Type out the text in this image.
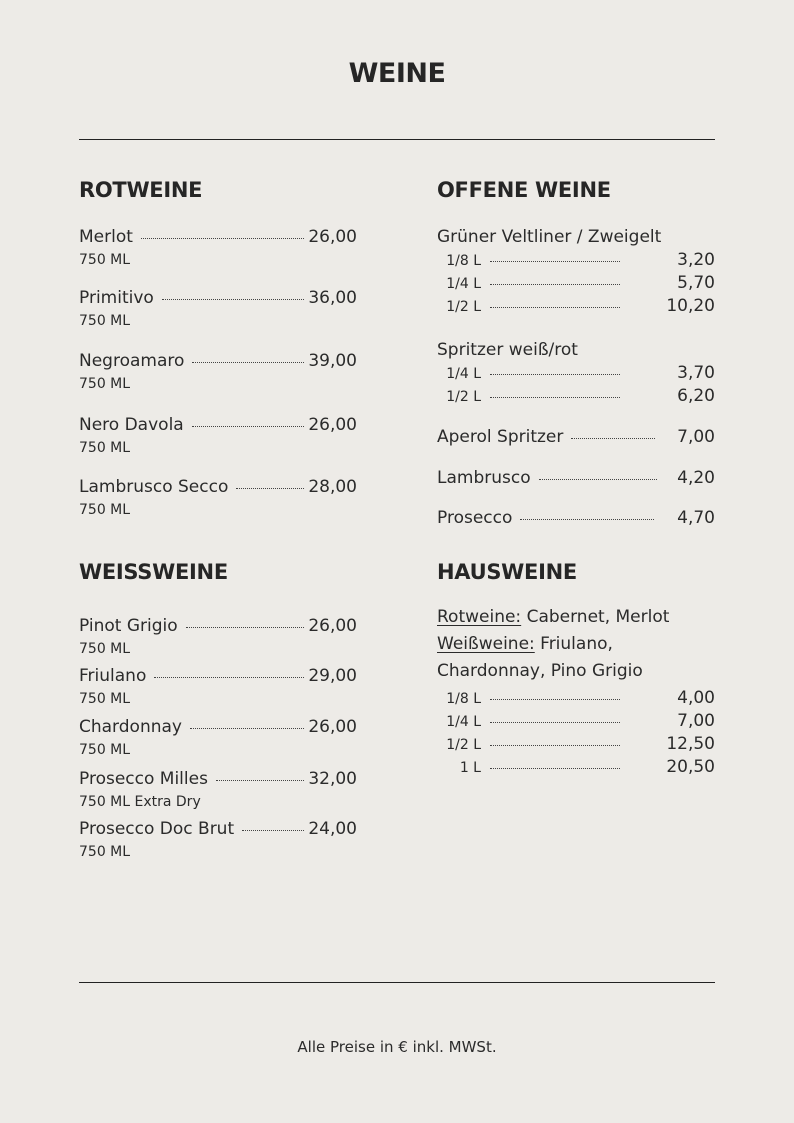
WEINE
ROTWEINE
Merlot	26,00
750 ML
Primitivo	36,00
750 ML
Negroamaro	39,00
750 ML
Nero Davola	26,00
750 ML
Lambrusco Secco	28,00
750 ML
WEISSWEINE
Pinot Grigio	26,00
750 ML
Friulano	29,00
750 ML
Chardonnay	26,00
750 ML
Prosecco Milles	32,00
750 ML Extra Dry
Prosecco Doc Brut	24,00
750 ML
OFFENE WEINE
Grüner Veltliner / Zweigelt
1/8 L	3,20
1/4 L	5,70
1/2 L	10,20
Spritzer weiß/rot
1/4 L	3,70
1/2 L	6,20
Aperol Spritzer	7,00
Lambrusco	4,20
Prosecco	4,70
HAUSWEINE
Rotweine: Cabernet, Merlot
Weißweine: Friulano,
Chardonnay, Pino Grigio
1/8 L	4,00
1/4 L	7,00
1/2 L	12,50
1 L	20,50
Alle Preise in € inkl. MWSt.
